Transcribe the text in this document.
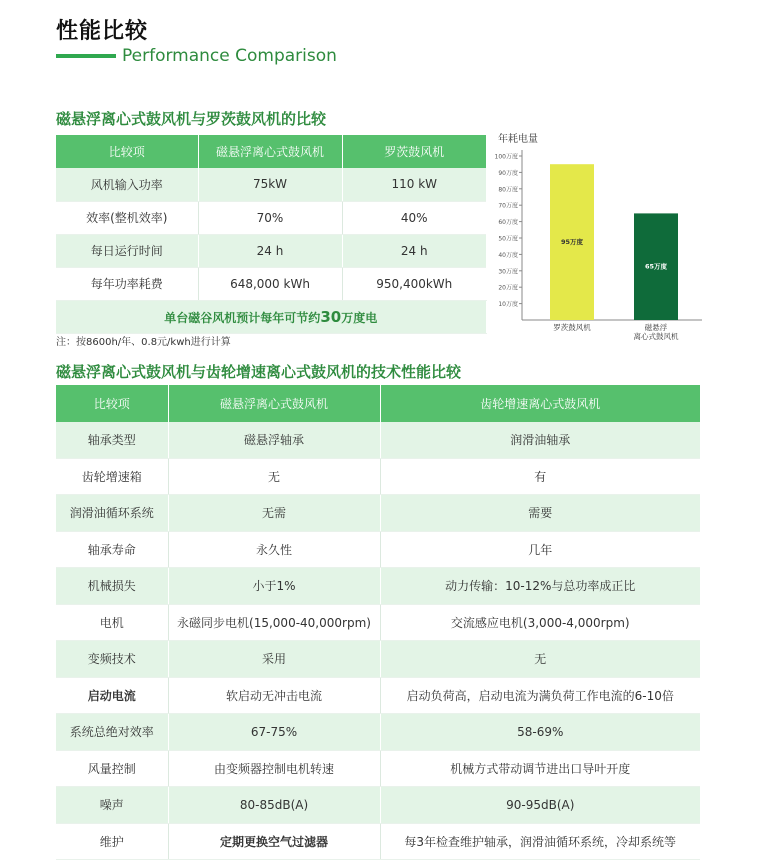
性能比较
Performance Comparison
磁悬浮离心式鼓风机与罗茨鼓风机的比较
比较项	磁悬浮离心式鼓风机	罗茨鼓风机
风机输入功率	75kW	110 kW
效率(整机效率)	70%	40%
每日运行时间	24 h	24 h
每年功率耗费	648,000 kWh	950,400kWh
单台磁谷风机预计每年可节约30万度电		
注：按8600h/年、0.8元/kwh进行计算
年耗电量
10万度
20万度
30万度
40万度
50万度
60万度
70万度
80万度
90万度
100万度
95万度
罗茨鼓风机
65万度
磁悬浮
离心式鼓风机
磁悬浮离心式鼓风机与齿轮增速离心式鼓风机的技术性能比较
比较项	磁悬浮离心式鼓风机	齿轮增速离心式鼓风机
轴承类型	磁悬浮轴承	润滑油轴承
齿轮增速箱	无	有
润滑油循环系统	无需	需要
轴承寿命	永久性	几年
机械损失	小于1%	动力传输：10-12%与总功率成正比
电机	永磁同步电机(15,000-40,000rpm)	交流感应电机(3,000-4,000rpm)
变频技术	采用	无
启动电流	软启动无冲击电流	启动负荷高，启动电流为满负荷工作电流的6-10倍
系统总绝对效率	67-75%	58-69%
风量控制	由变频器控制电机转速	机械方式带动调节进出口导叶开度
噪声	80-85dB(A)	90-95dB(A)
维护	定期更换空气过滤器	每3年检查维护轴承，润滑油循环系统，冷却系统等
